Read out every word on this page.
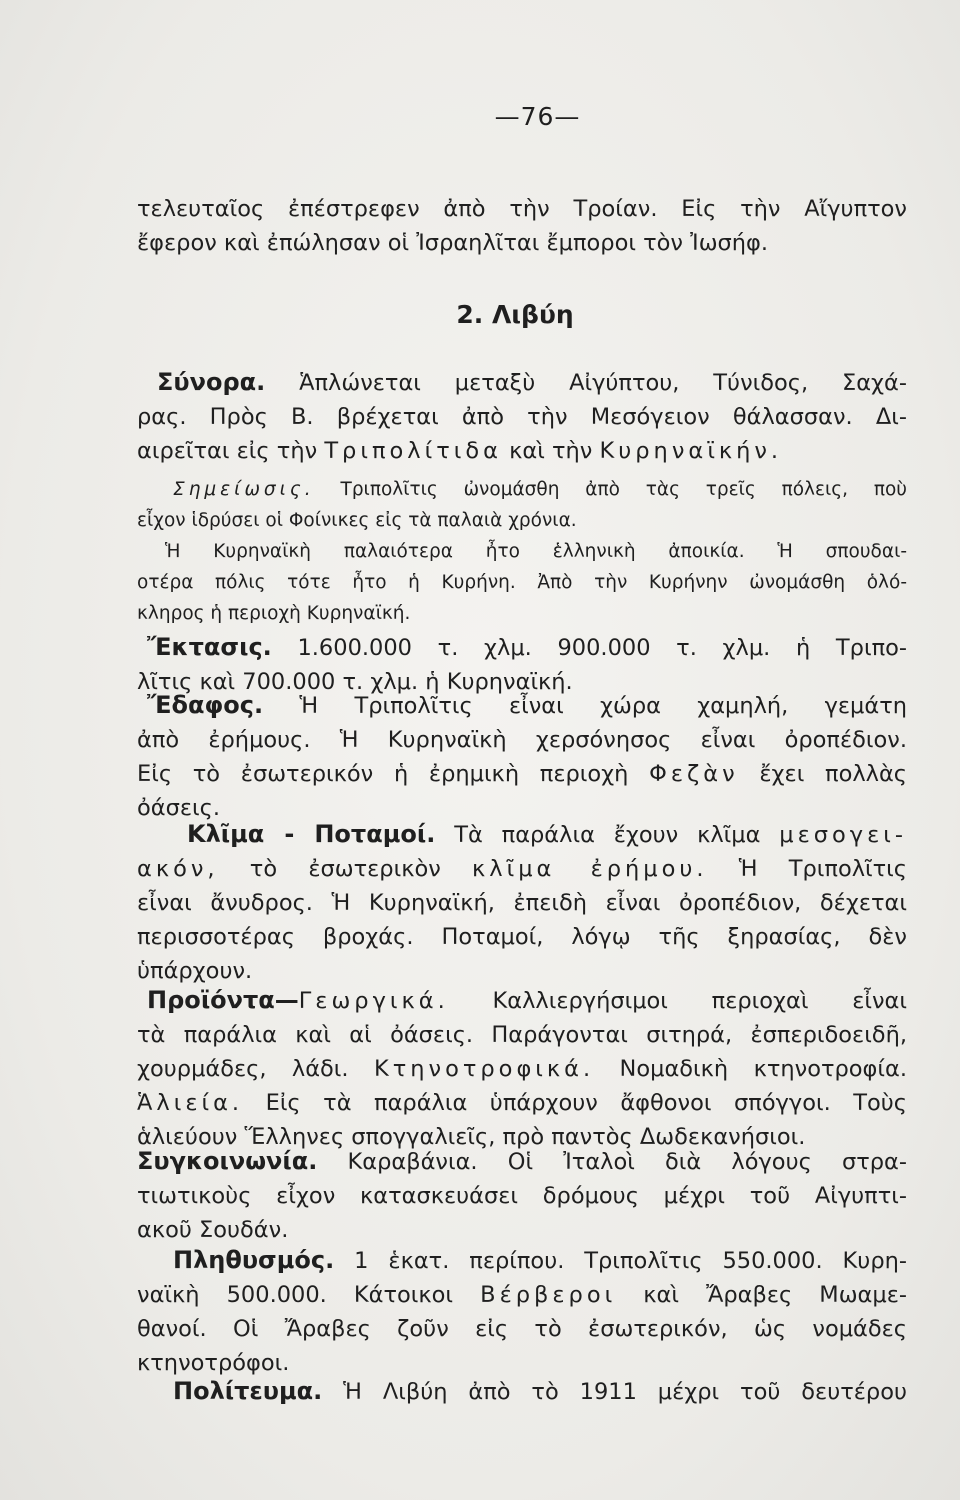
—76—
τελευταῖος ἐπέστρεφεν ἀπὸ τὴν Τροίαν. Εἰς τὴν Αἴγυπτον
ἔφερον καὶ ἐπώλησαν οἱ Ἰσραηλῖται ἔμποροι τὸν Ἰωσήφ.
2. Λιβύη
Σύνορα. Ἁπλώνεται μεταξὺ Αἰγύπτου, Τύνιδος, Σαχά-
ρας. Πρὸς Β. βρέχεται ἀπὸ τὴν Μεσόγειον θάλασσαν. Δι-
αιρεῖται εἰς τὴν Τριπολίτιδα καὶ τὴν Κυρηναϊκήν.
Σημείωσις. Τριπολῖτις ὠνομάσθη ἀπὸ τὰς τρεῖς πόλεις, ποὺ
εἶχον ἱδρύσει οἱ Φοίνικες εἰς τὰ παλαιὰ χρόνια.
Ἡ Κυρηναϊκὴ παλαιότερα ἦτο ἑλληνικὴ ἀποικία. Ἡ σπουδαι-
οτέρα πόλις τότε ἦτο ἡ Κυρήνη. Ἀπὸ τὴν Κυρήνην ὠνομάσθη ὁλό-
κληρος ἡ περιοχὴ Κυρηναϊκή.
Ἔκτασις. 1.600.000 τ. χλμ. 900.000 τ. χλμ. ἡ Τριπο-
λῖτις καὶ 700.000 τ. χλμ. ἡ Κυρηναϊκή.
Ἔδαφος. Ἡ Τριπολῖτις εἶναι χώρα χαμηλή, γεμάτη
ἀπὸ ἐρήμους. Ἡ Κυρηναϊκὴ χερσόνησος εἶναι ὀροπέδιον.
Εἰς τὸ ἐσωτερικόν ἡ ἐρημικὴ περιοχὴ Φεζὰν ἔχει πολλὰς
ὀάσεις.
Κλῖμα - Ποταμοί. Τὰ παράλια ἔχουν κλῖμα μεσογει-
ακόν, τὸ ἐσωτερικὸν κλῖμα ἐρήμου. Ἡ Τριπολῖτις
εἶναι ἄνυδρος. Ἡ Κυρηναϊκή, ἐπειδὴ εἶναι ὀροπέδιον, δέχεται
περισσοτέρας βροχάς. Ποταμοί, λόγῳ τῆς ξηρασίας, δὲν
ὑπάρχουν.
Προϊόντα—Γεωργικά. Καλλιεργήσιμοι περιοχαὶ εἶναι
τὰ παράλια καὶ αἱ ὀάσεις. Παράγονται σιτηρά, ἐσπεριδοειδῆ,
χουρμάδες, λάδι. Κτηνοτροφικά. Νομαδικὴ κτηνοτροφία.
Ἁλιεία. Εἰς τὰ παράλια ὑπάρχουν ἄφθονοι σπόγγοι. Τοὺς
ἁλιεύουν Ἕλληνες σπογγαλιεῖς, πρὸ παντὸς Δωδεκανήσιοι.
Συγκοινωνία. Καραβάνια. Οἱ Ἰταλοὶ διὰ λόγους στρα-
τιωτικοὺς εἶχον κατασκευάσει δρόμους μέχρι τοῦ Αἰγυπτι-
ακοῦ Σουδάν.
Πληθυσμός. 1 ἑκατ. περίπου. Τριπολῖτις 550.000. Κυρη-
ναϊκὴ 500.000. Κάτοικοι Βέρβεροι καὶ Ἄραβες Μωαμε-
θανοί. Οἱ Ἄραβες ζοῦν εἰς τὸ ἐσωτερικόν, ὡς νομάδες
κτηνοτρόφοι.
Πολίτευμα. Ἡ Λιβύη ἀπὸ τὸ 1911 μέχρι τοῦ δευτέρου
